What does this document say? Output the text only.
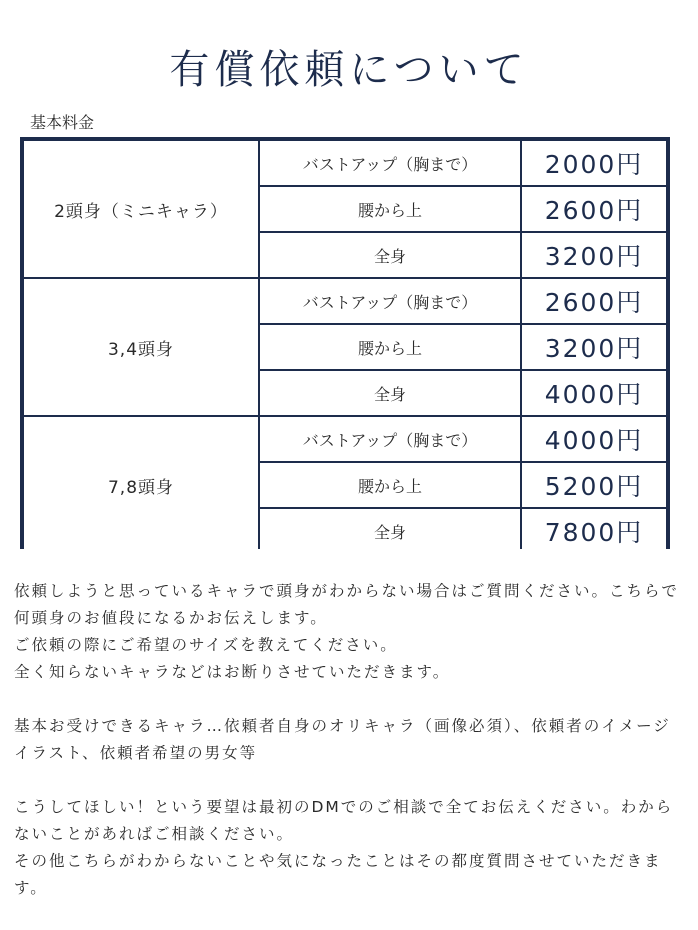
有償依頼について
基本料金
2頭身（ミニキャラ）
バストアップ（胸まで）	2000円
腰から上	2600円
全身	3200円
3,4頭身
バストアップ（胸まで）	2600円
腰から上	3200円
全身	4000円
7,8頭身
バストアップ（胸まで）	4000円
腰から上	5200円
全身	7800円

依頼しようと思っているキャラで頭身がわからない場合はご質問ください。こちらで何頭身のお値段になるかお伝えします。

ご依頼の際にご希望のサイズを教えてください。

全く知らないキャラなどはお断りさせていただきます。

基本お受けできるキャラ…依頼者自身のオリキャラ（画像必須）、依頼者のイメージイラスト、依頼者希望の男女等

こうしてほしい！という要望は最初のDMでのご相談で全てお伝えください。わからないことがあればご相談ください。

その他こちらがわからないことや気になったことはその都度質問させていただきます。
